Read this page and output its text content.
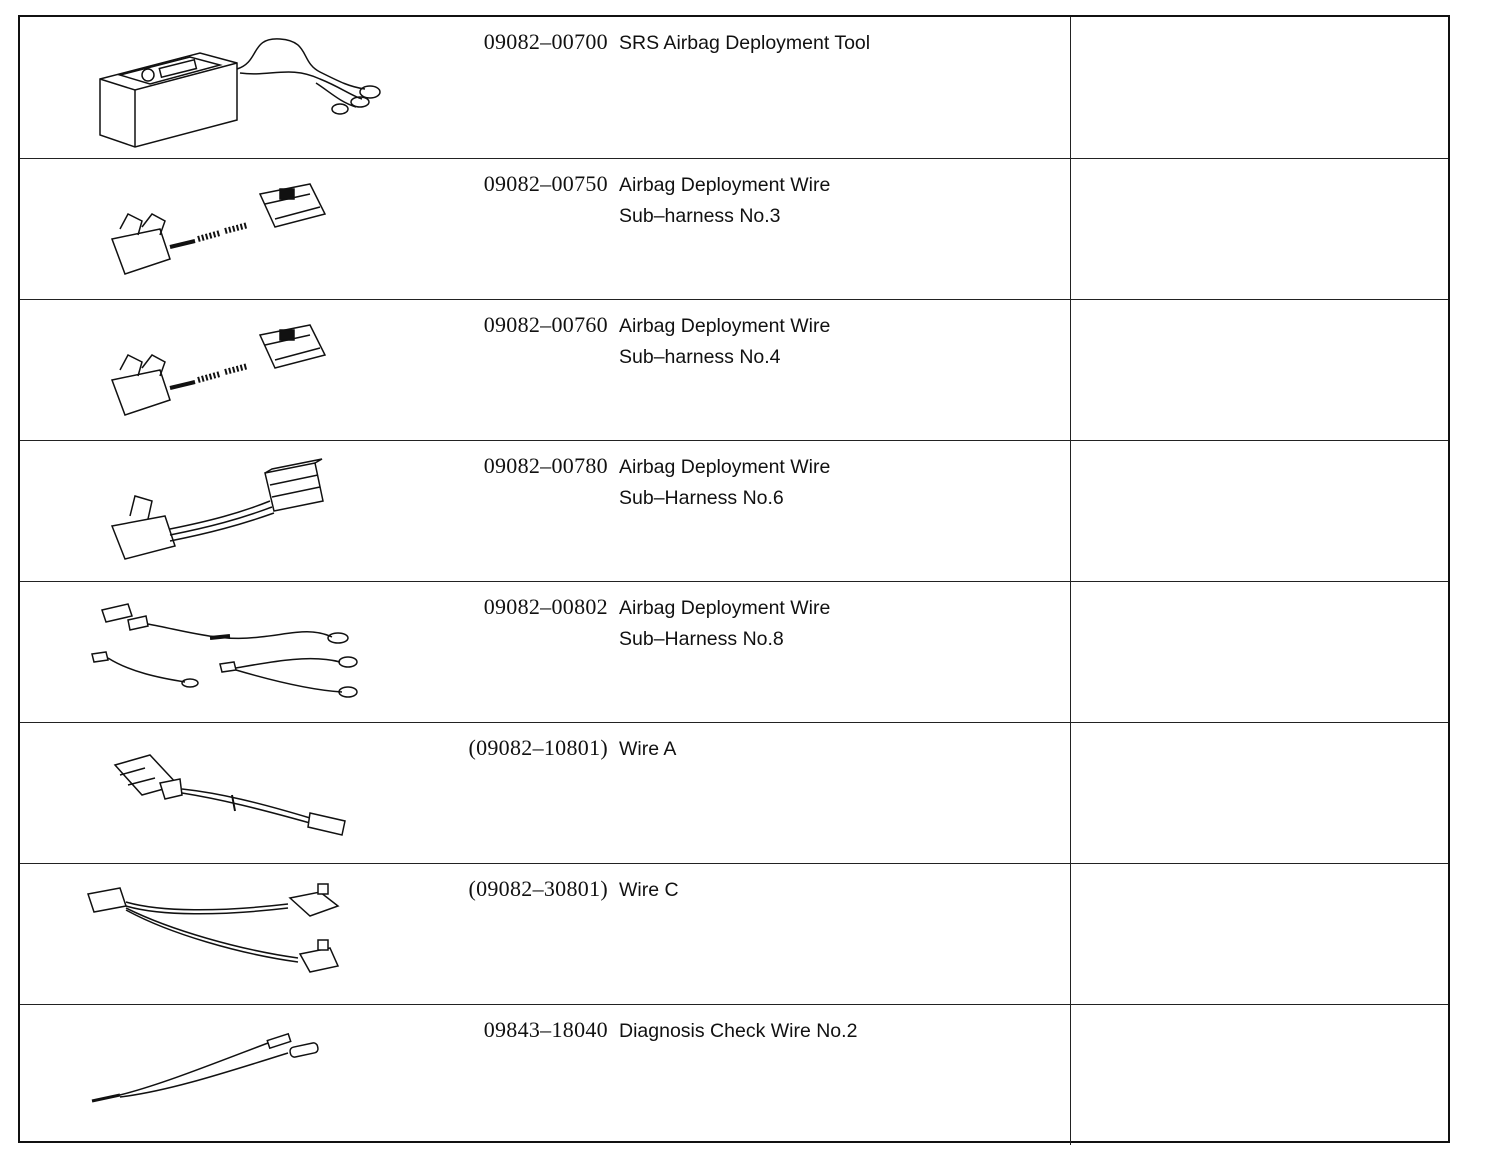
09082–00700	SRS Airbag Deployment Tool	

09082–00750	Airbag Deployment Wire
Sub–harness No.3	

09082–00760	Airbag Deployment Wire
Sub–harness No.4	

09082–00780	Airbag Deployment Wire
Sub–Harness No.6	

09082–00802	Airbag Deployment Wire
Sub–Harness No.8	

(09082–10801)	Wire A	

(09082–30801)	Wire C	

09843–18040	Diagnosis Check Wire No.2	
